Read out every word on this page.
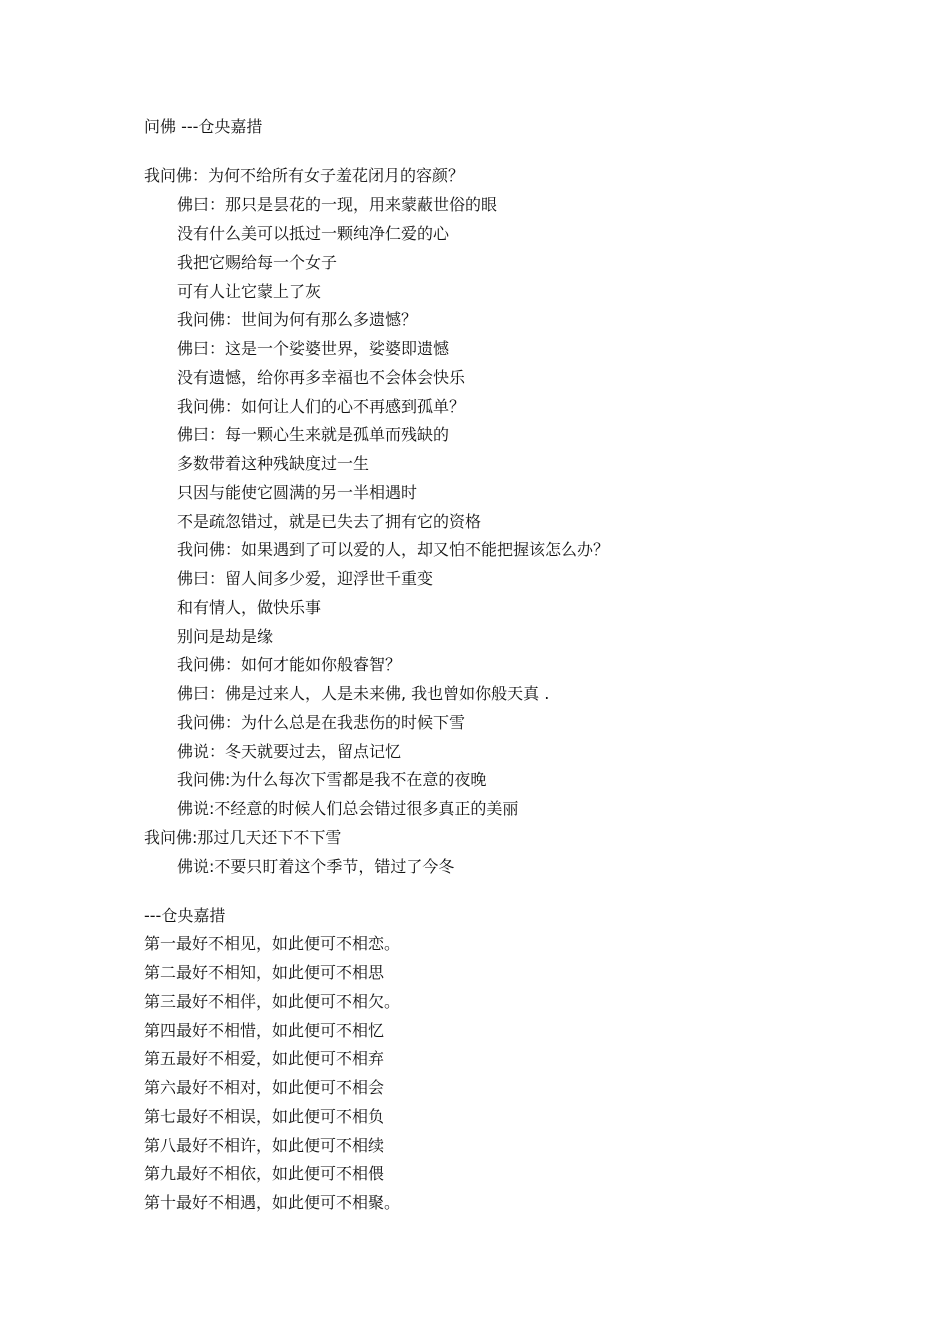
问佛 ---仓央嘉措
我问佛：为何不给所有女子羞花闭月的容颜？
佛曰：那只是昙花的一现，用来蒙蔽世俗的眼
没有什么美可以抵过一颗纯净仁爱的心
我把它赐给每一个女子
可有人让它蒙上了灰
我问佛：世间为何有那么多遗憾？
佛曰：这是一个娑婆世界，娑婆即遗憾
没有遗憾，给你再多幸福也不会体会快乐
我问佛：如何让人们的心不再感到孤单？
佛曰：每一颗心生来就是孤单而残缺的
多数带着这种残缺度过一生
只因与能使它圆满的另一半相遇时
不是疏忽错过，就是已失去了拥有它的资格
我问佛：如果遇到了可以爱的人，却又怕不能把握该怎么办？
佛曰：留人间多少爱，迎浮世千重变
和有情人，做快乐事
别问是劫是缘
我问佛：如何才能如你般睿智？
佛曰：佛是过来人，人是未来佛, 我也曾如你般天真 .
我问佛：为什么总是在我悲伤的时候下雪
佛说：冬天就要过去，留点记忆
我问佛:为什么每次下雪都是我不在意的夜晚
佛说:不经意的时候人们总会错过很多真正的美丽
我问佛:那过几天还下不下雪
佛说:不要只盯着这个季节，错过了今冬
---仓央嘉措
第一最好不相见，如此便可不相恋。
第二最好不相知，如此便可不相思
第三最好不相伴，如此便可不相欠。
第四最好不相惜，如此便可不相忆
第五最好不相爱，如此便可不相弃
第六最好不相对，如此便可不相会
第七最好不相误，如此便可不相负
第八最好不相许，如此便可不相续
第九最好不相依，如此便可不相偎
第十最好不相遇，如此便可不相聚。
